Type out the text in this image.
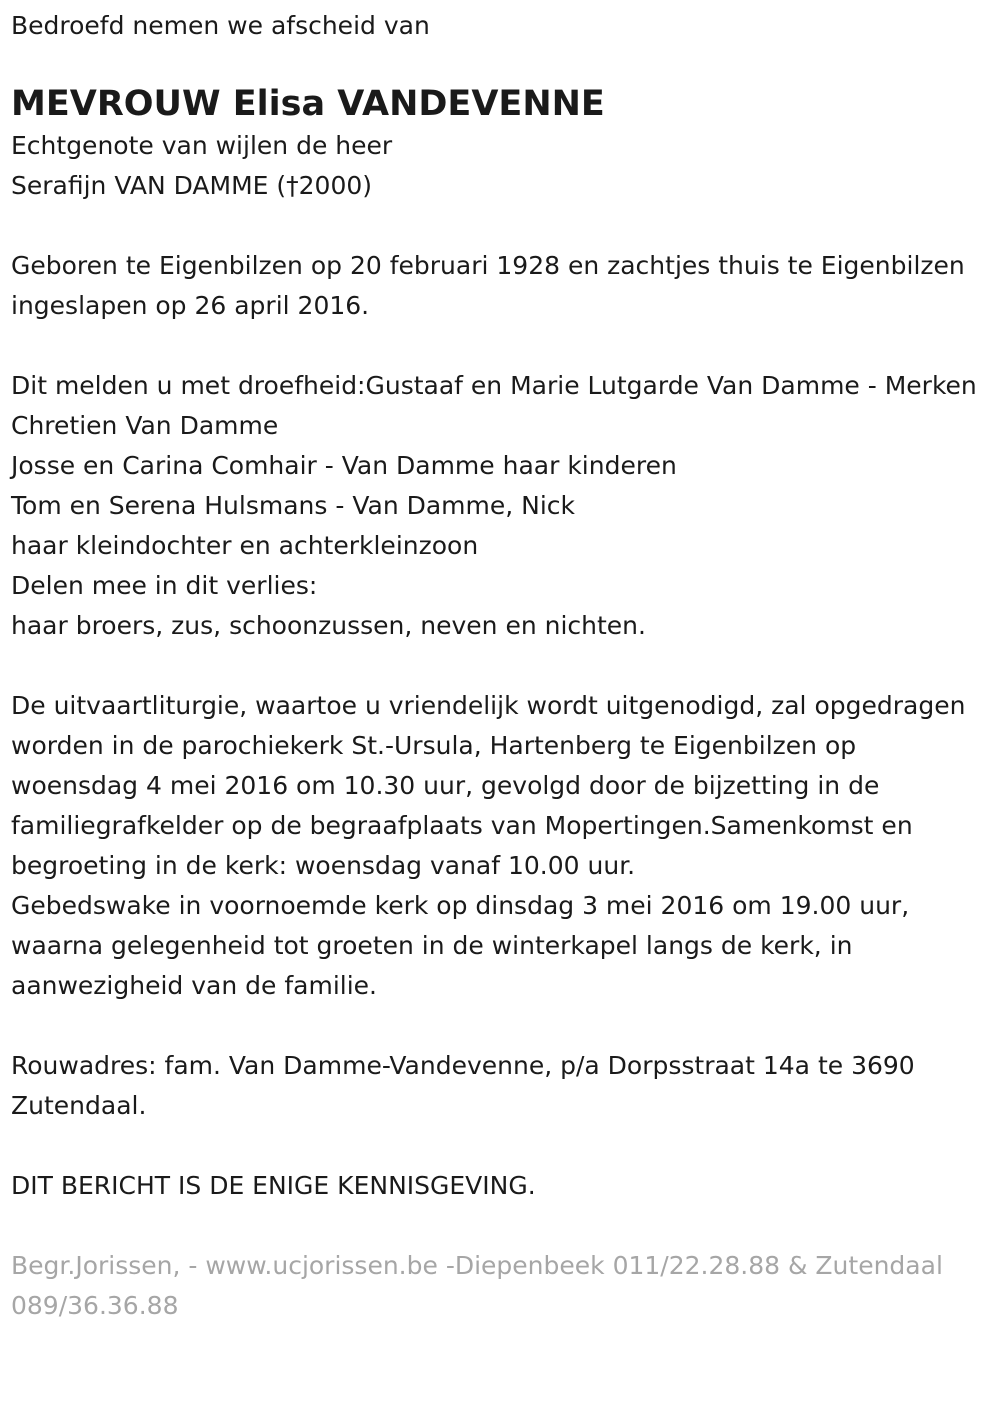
Bedroefd nemen we afscheid van

MEVROUW Elisa VANDEVENNE

Echtgenote van wijlen de heer

Serafijn VAN DAMME (†2000)

Geboren te Eigenbilzen op 20 februari 1928 en zachtjes thuis te Eigenbilzen ingeslapen op 26 april 2016.

Dit melden u met droefheid:Gustaaf en Marie Lutgarde Van Damme - Merken

Chretien Van Damme

Josse en Carina Comhair - Van Damme haar kinderen

Tom en Serena Hulsmans - Van Damme, Nick

haar kleindochter en achterkleinzoon

Delen mee in dit verlies:

haar broers, zus, schoonzussen, neven en nichten.

De uitvaartliturgie, waartoe u vriendelijk wordt uitgenodigd, zal opgedragen worden in de parochiekerk St.-Ursula, Hartenberg te Eigenbilzen op woensdag 4 mei 2016 om 10.30 uur, gevolgd door de bijzetting in de familiegrafkelder op de begraafplaats van Mopertingen.Samenkomst en begroeting in de kerk: woensdag vanaf 10.00 uur.

Gebedswake in voornoemde kerk op dinsdag 3 mei 2016 om 19.00 uur, waarna gelegenheid tot groeten in de winterkapel langs de kerk, in aanwezigheid van de familie.

Rouwadres: fam. Van Damme-Vandevenne, p/a Dorpsstraat 14a te 3690 Zutendaal.

DIT BERICHT IS DE ENIGE KENNISGEVING.

Begr.Jorissen, - www.ucjorissen.be -Diepenbeek 011/22.28.88 & Zutendaal 089/36.36.88
